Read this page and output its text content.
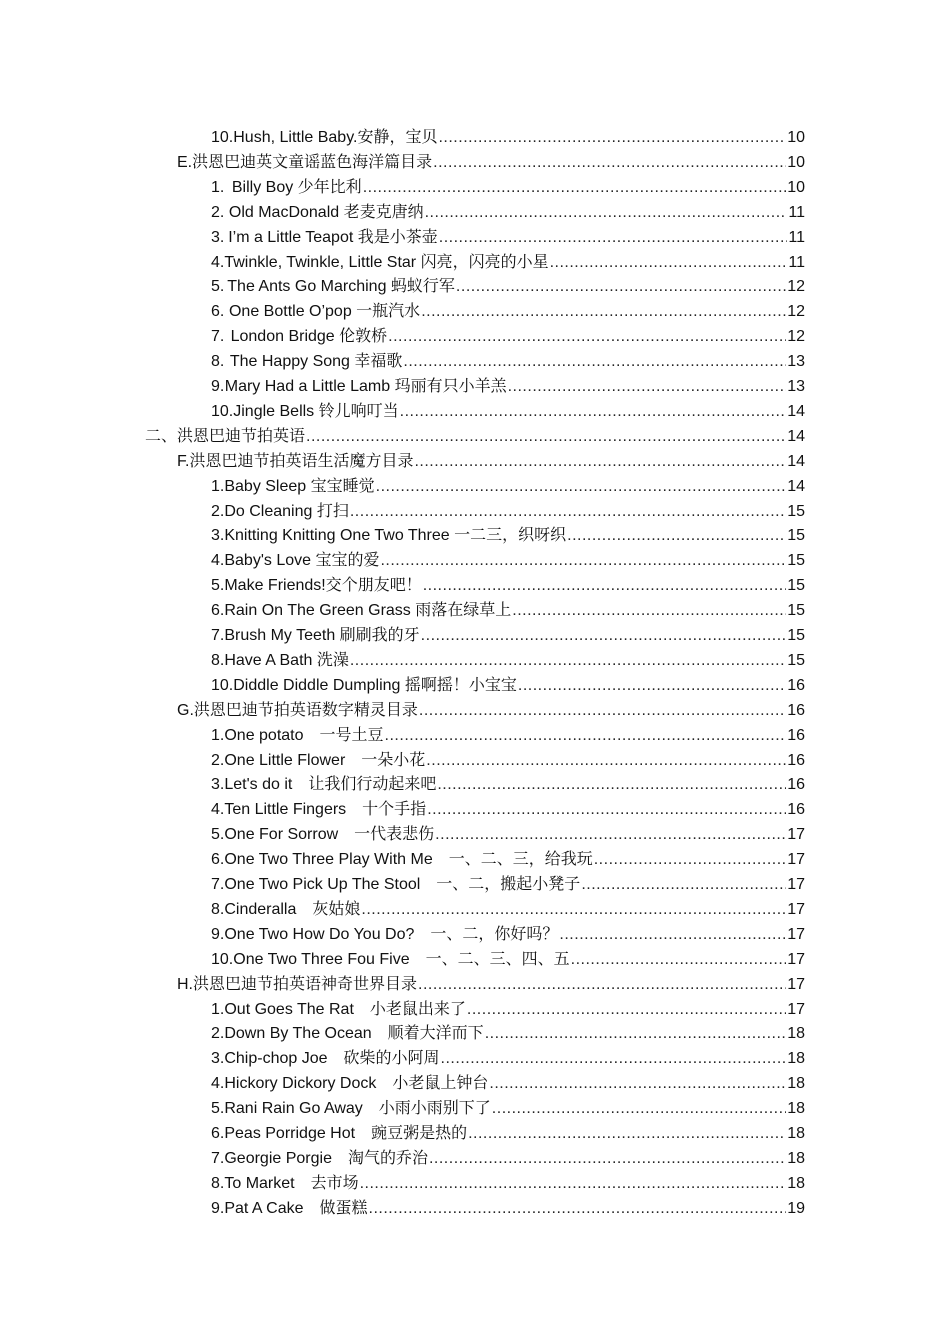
10. Hush, Little Baby.安静，宝贝 .....	10
E.洪恩巴迪英文童谣蓝色海洋篇目录 .....	10
1. Billy Boy 少年比利 .....	10
2. Old MacDonald 老麦克唐纳 .....	11
3. I’m a Little Teapot 我是小茶壶 .....	11
4. Twinkle, Twinkle, Little Star 闪亮，闪亮的小星 .....	11
5. The Ants Go Marching 蚂蚁行军 .....	12
6. One Bottle O’pop 一瓶汽水 .....	12
7. London Bridge 伦敦桥 .....	12
8. The Happy Song 幸福歌 .....	13
9. Mary Had a Little Lamb 玛丽有只小羊羔 .....	13
10. Jingle Bells 铃儿响叮当 .....	14
二、洪恩巴迪节拍英语 .....	14
F.洪恩巴迪节拍英语生活魔方目录 .....	14
1.Baby Sleep 宝宝睡觉 .....	14
2.Do Cleaning 打扫 .....	15
3.Knitting Knitting One Two Three 一二三，织呀织 .....	15
4.Baby's Love 宝宝的爱 .....	15
5.Make Friends!交个朋友吧！ .....	15
6.Rain On The Green Grass 雨落在绿草上 .....	15
7.Brush My Teeth 刷刷我的牙 .....	15
8.Have A Bath 洗澡 .....	15
10.Diddle Diddle Dumpling 摇啊摇！小宝宝 .....	16
G.洪恩巴迪节拍英语数字精灵目录 .....	16
1.One potato　一号土豆 .....	16
2.One Little Flower　一朵小花 .....	16
3.Let's do it　让我们行动起来吧 .....	16
4.Ten Little Fingers　十个手指 .....	16
5.One For Sorrow　一代表悲伤 .....	17
6.One Two Three Play With Me　一、二、三，给我玩 .....	17
7.One Two Pick Up The Stool　一、二，搬起小凳子 .....	17
8.Cinderalla　灰姑娘 .....	17
9.One Two How Do You Do?　一、二，你好吗？ .....	17
10.One Two Three Fou Five　一、二、三、四、五 .....	17
H.洪恩巴迪节拍英语神奇世界目录 .....	17
1.Out Goes The Rat　小老鼠出来了 .....	17
2.Down By The Ocean　顺着大洋而下 .....	18
3.Chip-chop Joe　砍柴的小阿周 .....	18
4.Hickory Dickory Dock　小老鼠上钟台 .....	18
5.Rani Rain Go Away　小雨小雨别下了 .....	18
6.Peas Porridge Hot　豌豆粥是热的 .....	18
7.Georgie Porgie　淘气的乔治 .....	18
8.To Market　去市场 .....	18
9.Pat A Cake　做蛋糕 .....	19
